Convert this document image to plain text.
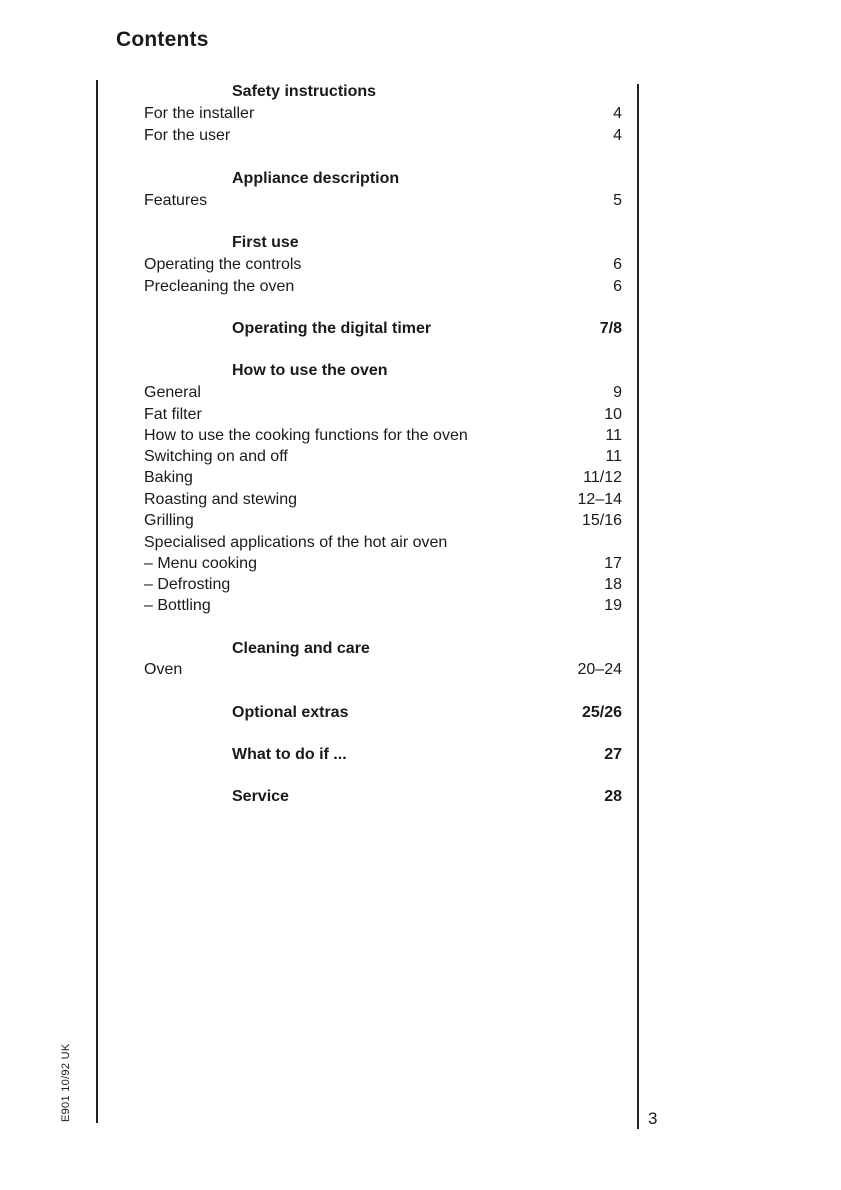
Contents
Safety instructions
For the installer	4
For the user	4
Appliance description
Features	5
First use
Operating the controls	6
Precleaning the oven	6
Operating the digital timer	7/8
How to use the oven
General	9
Fat filter	10
How to use the cooking functions for the oven	11
Switching on and off	11
Baking	11/12
Roasting and stewing	12–14
Grilling	15/16
Specialised applications of the hot air oven
– Menu cooking	17
– Defrosting	18
– Bottling	19
Cleaning and care
Oven	20–24
Optional extras	25/26
What to do if ...	27
Service	28
3
E901 10/92 UK
